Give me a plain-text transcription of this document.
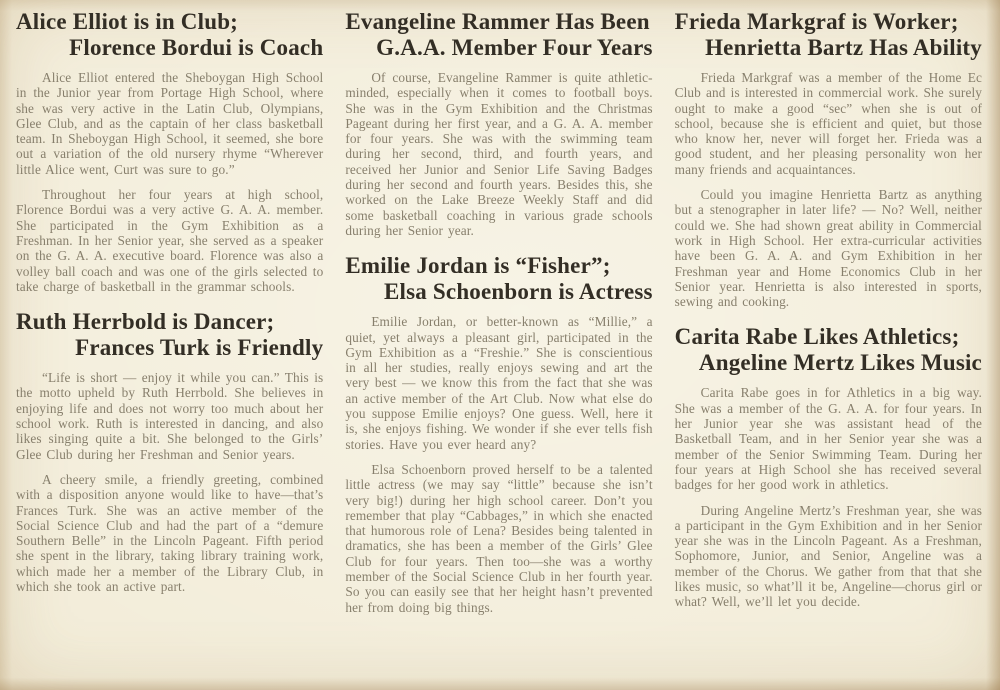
Alice Elliot is in Club;
Florence Bordui is Coach

Alice Elliot entered the Sheboygan High School in the Junior year from Portage High School, where she was very active in the Latin Club, Olympians, Glee Club, and as the captain of her class basketball team. In Sheboygan High School, it seemed, she bore out a variation of the old nursery rhyme “Wherever little Alice went, Curt was sure to go.”

Throughout her four years at high school, Florence Bordui was a very active G. A. A. member. She participated in the Gym Exhibition as a Freshman. In her Senior year, she served as a speaker on the G. A. A. executive board. Florence was also a volley ball coach and was one of the girls selected to take charge of basketball in the grammar schools.

Ruth Herrbold is Dancer;
Frances Turk is Friendly

“Life is short — enjoy it while you can.” This is the motto upheld by Ruth Herrbold. She believes in enjoying life and does not worry too much about her school work. Ruth is interested in dancing, and also likes singing quite a bit. She belonged to the Girls’ Glee Club during her Freshman and Senior years.

A cheery smile, a friendly greeting, combined with a disposition anyone would like to have—that’s Frances Turk. She was an active member of the Social Science Club and had the part of a “demure Southern Belle” in the Lincoln Pageant. Fifth period she spent in the library, taking library training work, which made her a member of the Library Club, in which she took an active part.

Evangeline Rammer Has Been
G.A.A. Member Four Years

Of course, Evangeline Rammer is quite athletic-minded, especially when it comes to football boys. She was in the Gym Exhibition and the Christmas Pageant during her first year, and a G. A. A. member for four years. She was with the swimming team during her second, third, and fourth years, and received her Junior and Senior Life Saving Badges during her second and fourth years. Besides this, she worked on the Lake Breeze Weekly Staff and did some basketball coaching in various grade schools during her Senior year.

Emilie Jordan is “Fisher”;
Elsa Schoenborn is Actress

Emilie Jordan, or better-known as “Millie,” a quiet, yet always a pleasant girl, participated in the Gym Exhibition as a “Freshie.” She is conscientious in all her studies, really enjoys sewing and art the very best — we know this from the fact that she was an active member of the Art Club. Now what else do you suppose Emilie enjoys? One guess. Well, here it is, she enjoys fishing. We wonder if she ever tells fish stories. Have you ever heard any?

Elsa Schoenborn proved herself to be a talented little actress (we may say “little” because she isn’t very big!) during her high school career. Don’t you remember that play “Cabbages,” in which she enacted that humorous role of Lena? Besides being talented in dramatics, she has been a member of the Girls’ Glee Club for four years. Then too—she was a worthy member of the Social Science Club in her fourth year. So you can easily see that her height hasn’t prevented her from doing big things.

Frieda Markgraf is Worker;
Henrietta Bartz Has Ability

Frieda Markgraf was a member of the Home Ec Club and is interested in commercial work. She surely ought to make a good “sec” when she is out of school, because she is efficient and quiet, but those who know her, never will forget her. Frieda was a good student, and her pleasing personality won her many friends and acquaintances.

Could you imagine Henrietta Bartz as anything but a stenographer in later life? — No? Well, neither could we. She had shown great ability in Commercial work in High School. Her extra-curricular activities have been G. A. A. and Gym Exhibition in her Freshman year and Home Economics Club in her Senior year. Henrietta is also interested in sports, sewing and cooking.

Carita Rabe Likes Athletics;
Angeline Mertz Likes Music

Carita Rabe goes in for Athletics in a big way. She was a member of the G. A. A. for four years. In her Junior year she was assistant head of the Basketball Team, and in her Senior year she was a member of the Senior Swimming Team. During her four years at High School she has received several badges for her good work in athletics.

During Angeline Mertz’s Freshman year, she was a participant in the Gym Exhibition and in her Senior year she was in the Lincoln Pageant. As a Freshman, Sophomore, Junior, and Senior, Angeline was a member of the Chorus. We gather from that that she likes music, so what’ll it be, Angeline—chorus girl or what? Well, we’ll let you decide.
